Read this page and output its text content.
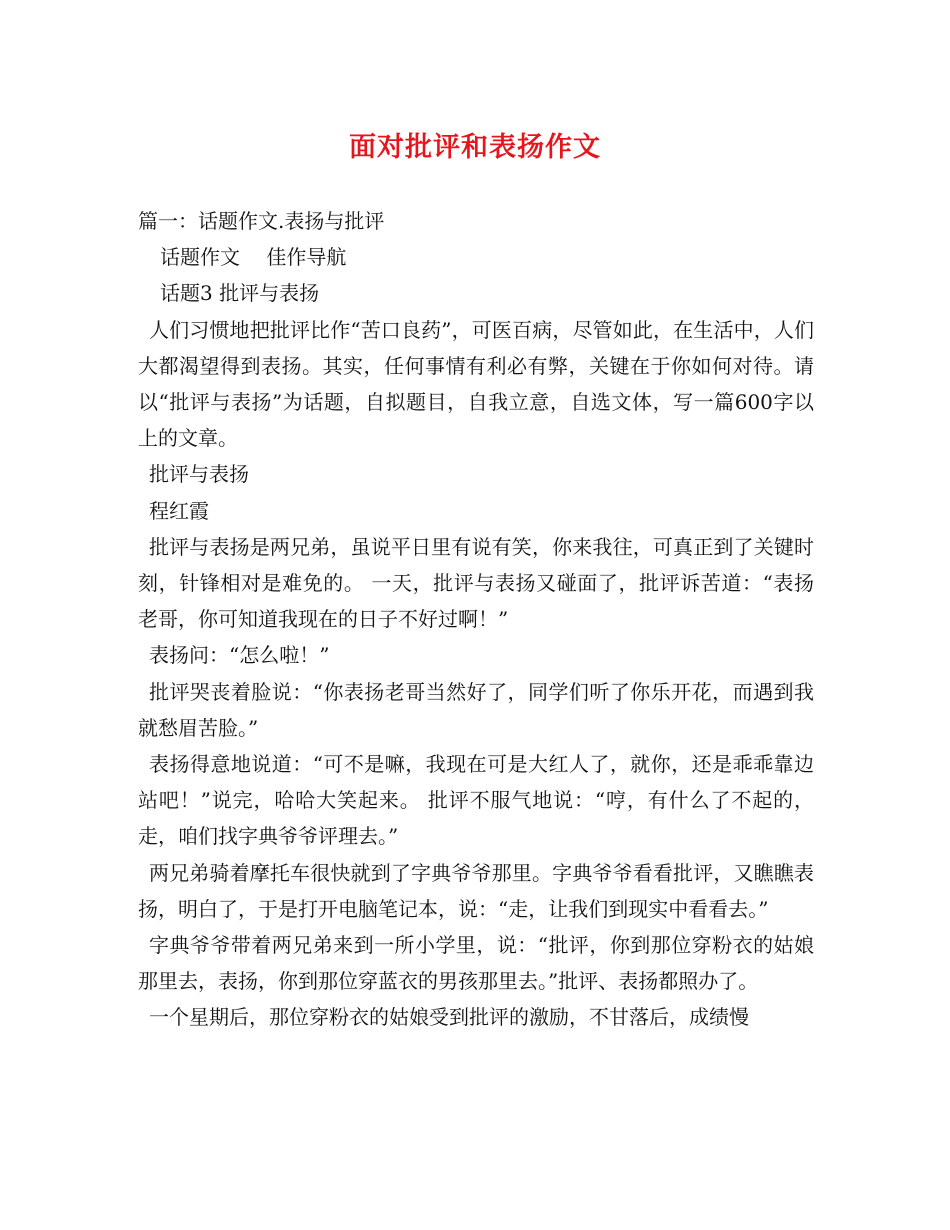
面对批评和表扬作文

篇一：话题作文.表扬与批评

话题作文　 佳作导航

话题3 批评与表扬

人们习惯地把批评比作“苦口良药”，可医百病，尽管如此，在生活中，人们大都渴望得到表扬。其实，任何事情有利必有弊，关键在于你如何对待。请以“批评与表扬”为话题，自拟题目，自我立意，自选文体，写一篇600字以上的文章。

批评与表扬

程红霞

批评与表扬是两兄弟，虽说平日里有说有笑，你来我往，可真正到了关键时刻，针锋相对是难免的。 一天，批评与表扬又碰面了，批评诉苦道：“表扬老哥，你可知道我现在的日子不好过啊！”

表扬问：“怎么啦！”

批评哭丧着脸说：“你表扬老哥当然好了，同学们听了你乐开花，而遇到我就愁眉苦脸。”

表扬得意地说道：“可不是嘛，我现在可是大红人了，就你，还是乖乖靠边站吧！”说完，哈哈大笑起来。 批评不服气地说：“哼，有什么了不起的，走，咱们找字典爷爷评理去。”

两兄弟骑着摩托车很快就到了字典爷爷那里。字典爷爷看看批评，又瞧瞧表扬，明白了，于是打开电脑笔记本，说：“走，让我们到现实中看看去。”

字典爷爷带着两兄弟来到一所小学里，说：“批评，你到那位穿粉衣的姑娘那里去，表扬，你到那位穿蓝衣的男孩那里去。”批评、表扬都照办了。

一个星期后，那位穿粉衣的姑娘受到批评的激励，不甘落后，成绩慢
